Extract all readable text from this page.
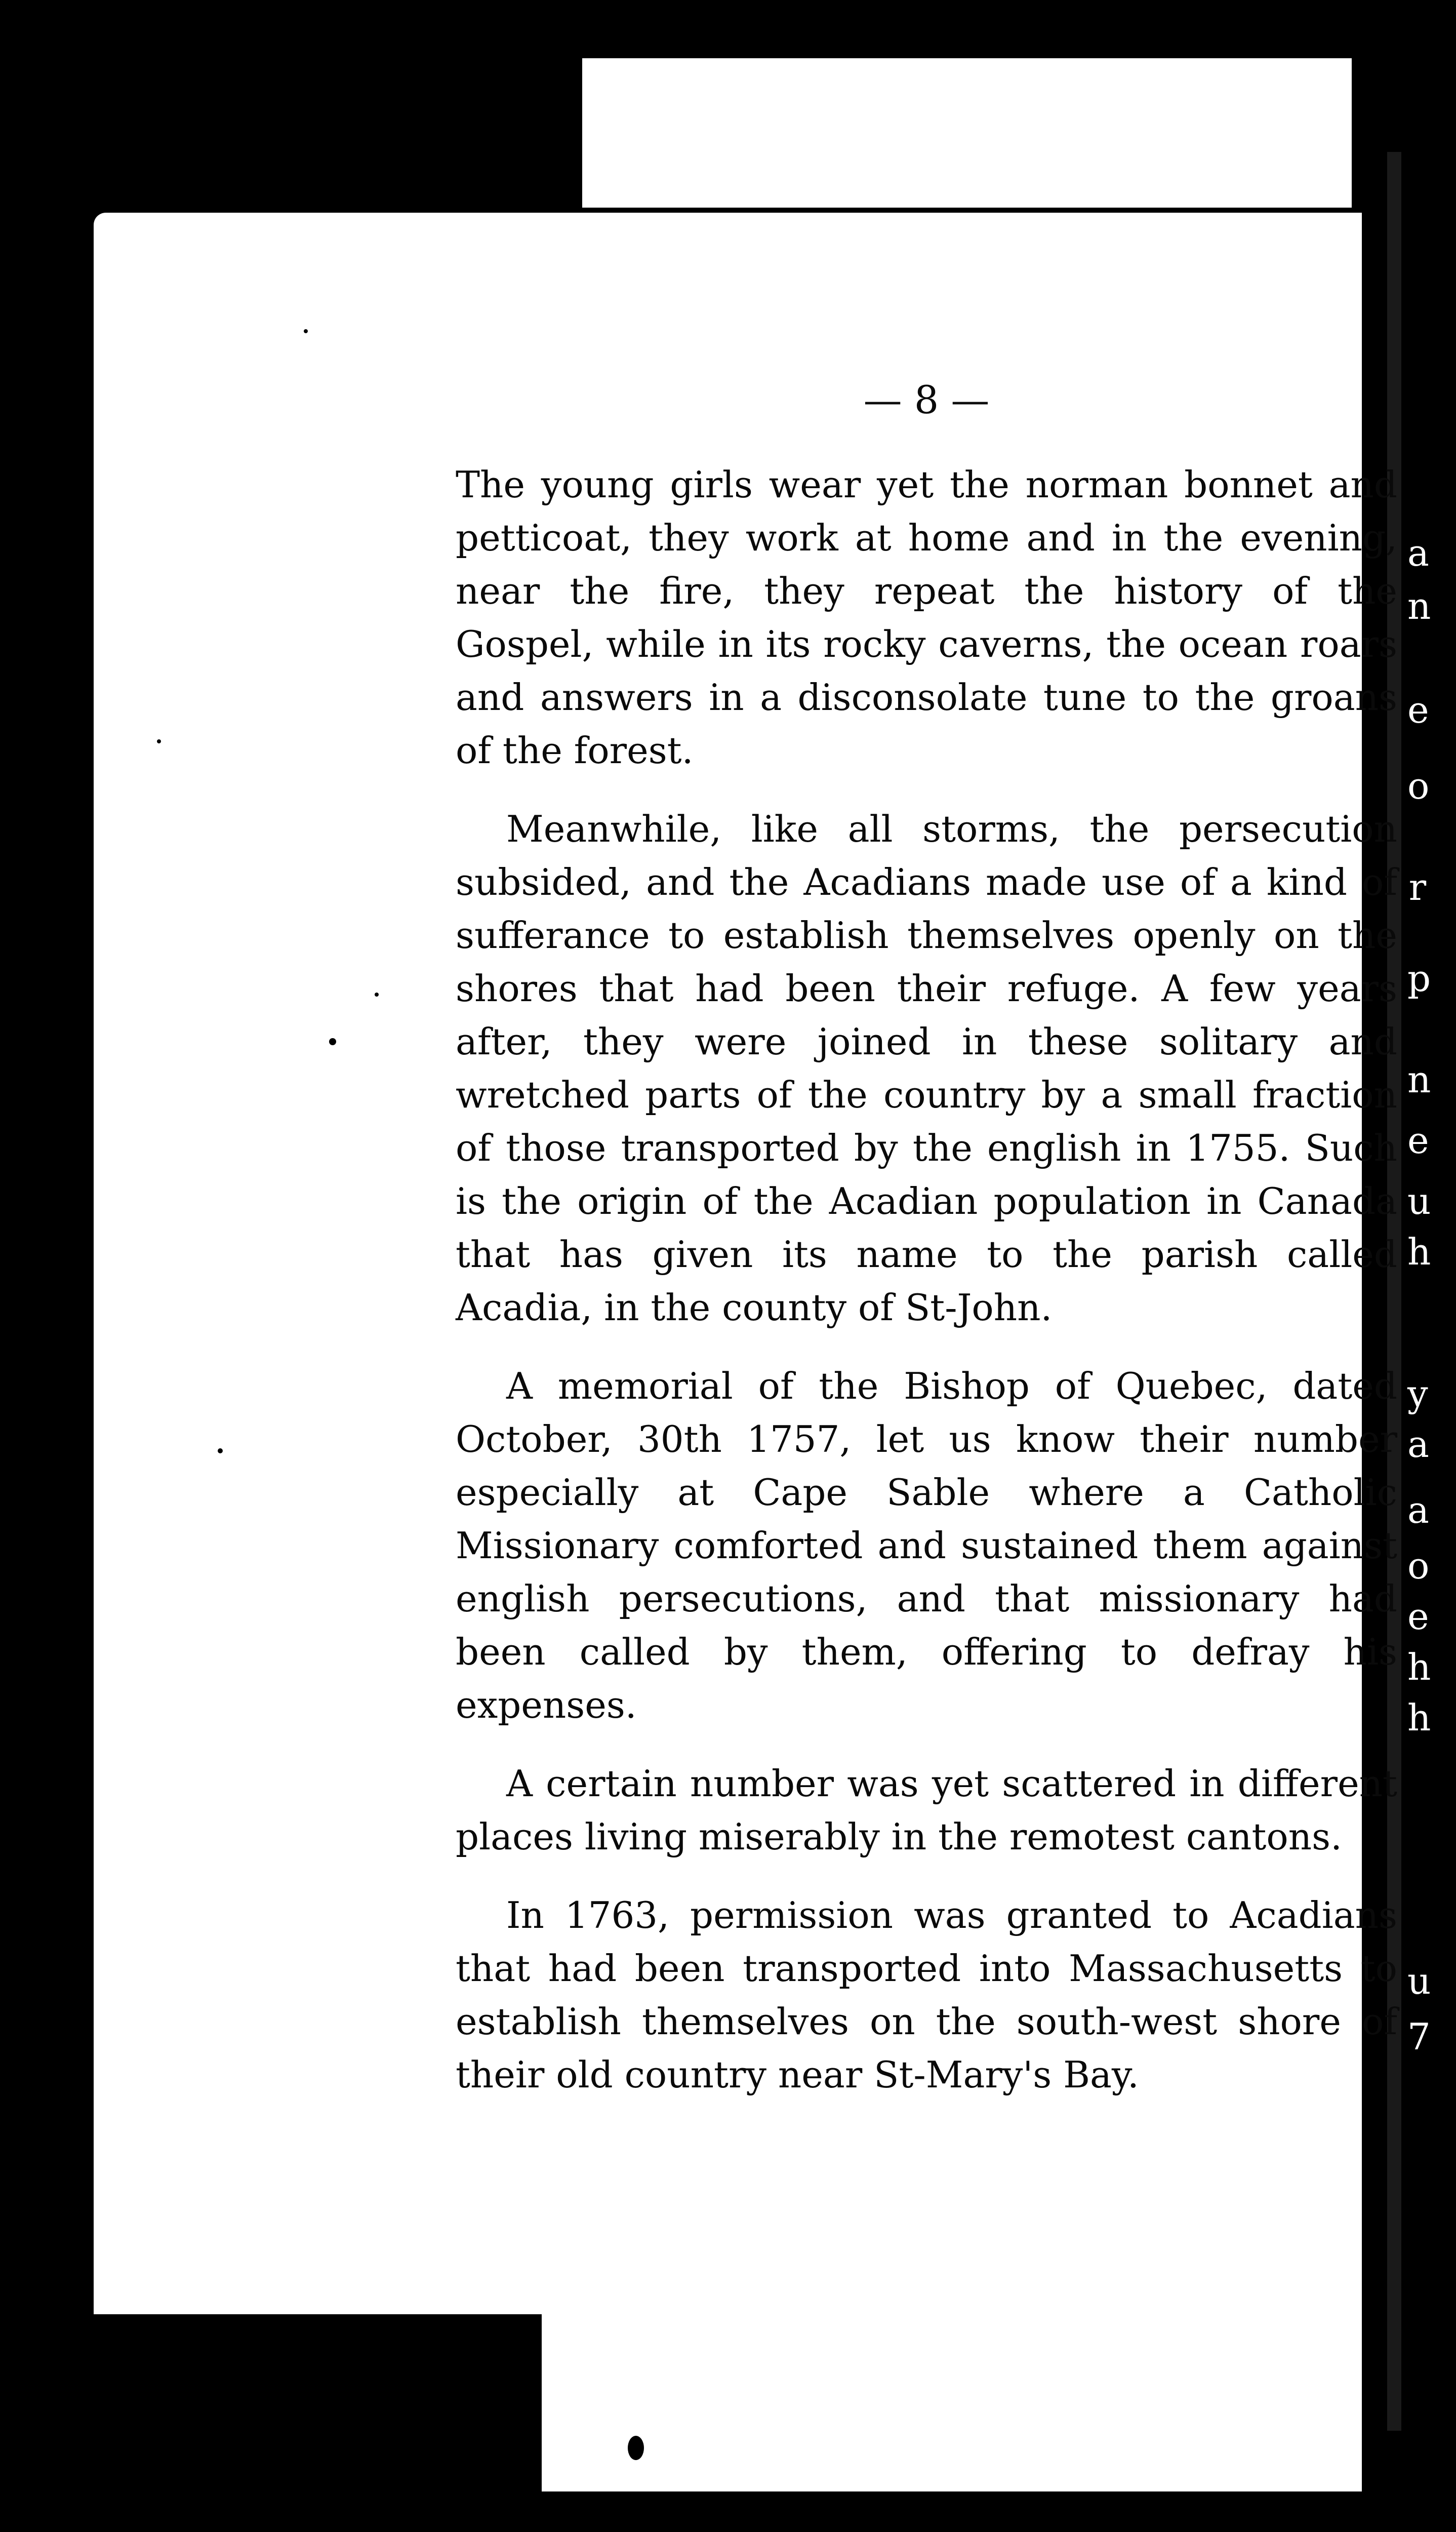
a
n
e
o
r
p
n
e
u
h
y
a
a
o
e
h
h
u
7
— 8 —

The young girls wear yet the norman bonnet and petticoat, they work at home and in the evening, near the fire, they repeat the history of the Gospel, while in its rocky caverns, the ocean roars and answers in a disconsolate tune to the groans of the forest.

Meanwhile, like all storms, the persecution subsided, and the Acadians made use of a kind of sufferance to establish themselves openly on the shores that had been their refuge. A few years after, they were joined in these solitary and wretched parts of the country by a small fraction of those transported by the english in 1755. Such is the origin of the Acadian population in Canada that has given its name to the parish called Acadia, in the county of St-John.

A memorial of the Bishop of Quebec, dated October, 30th 1757, let us know their number especially at Cape Sable where a Catholic Missionary comforted and sustained them against english persecutions, and that missionary had been called by them, offering to defray his expenses.

A certain number was yet scattered in different places living miserably in the remotest cantons.

In 1763, permission was granted to Acadians that had been transported into Massachusetts to establish themselves on the south-west shore of their old country near St-Mary's Bay.
